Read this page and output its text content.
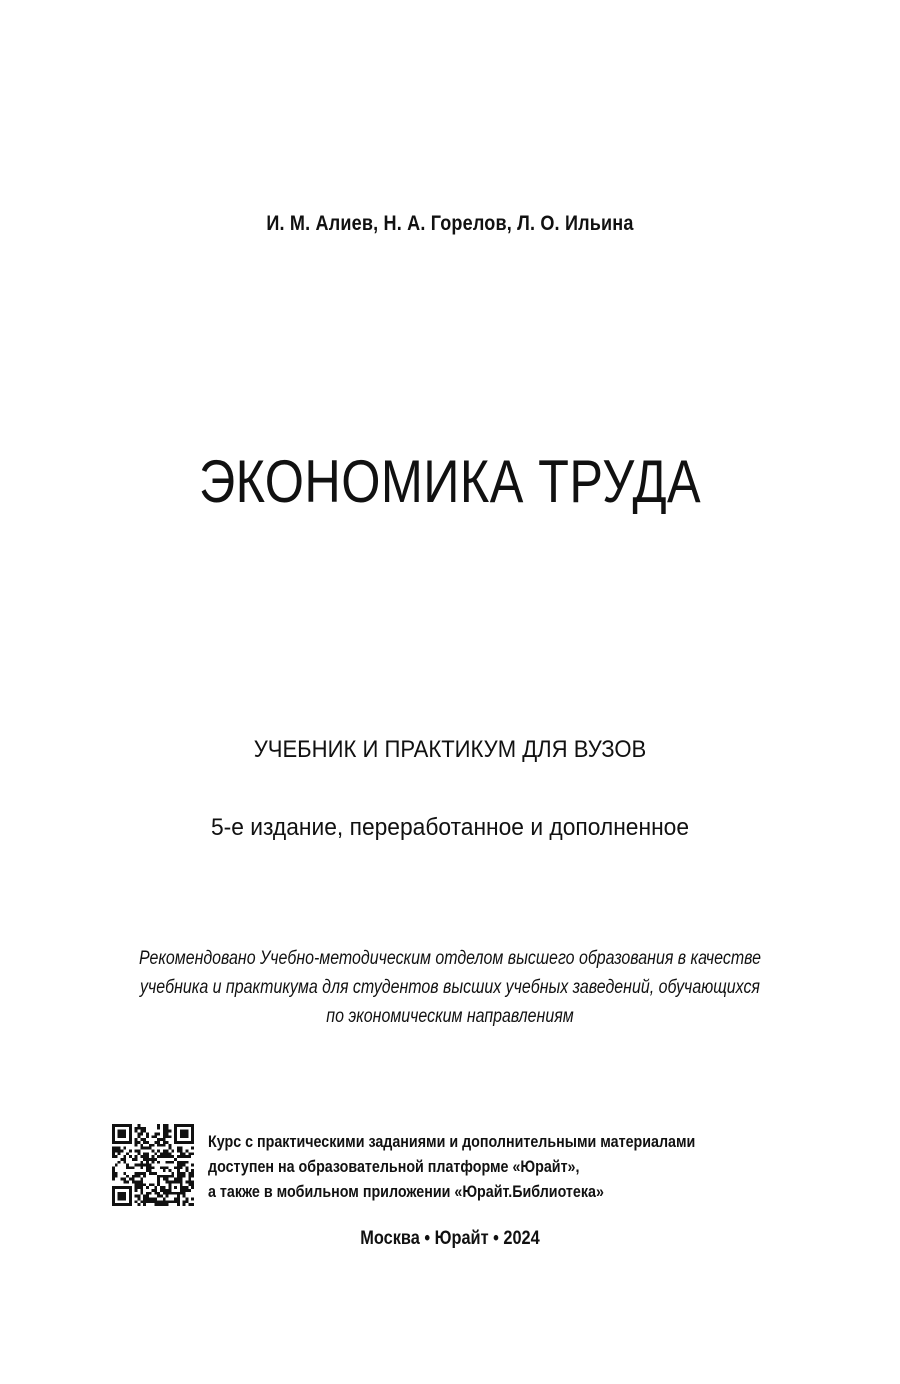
И. М. Алиев, Н. А. Горелов, Л. О. Ильина
ЭКОНОМИКА ТРУДА
УЧЕБНИК И ПРАКТИКУМ ДЛЯ ВУЗОВ
5-е издание, переработанное и дополненное
Рекомендовано Учебно-методическим отделом высшего образования в качестве
учебника и практикума для студентов высших учебных заведений, обучающихся
по экономическим направлениям
Курс с практическими заданиями и дополнительными материалами
доступен на образовательной платформе «Юрайт»,
а также в мобильном приложении «Юрайт.Библиотека»
Москва • Юрайт • 2024
